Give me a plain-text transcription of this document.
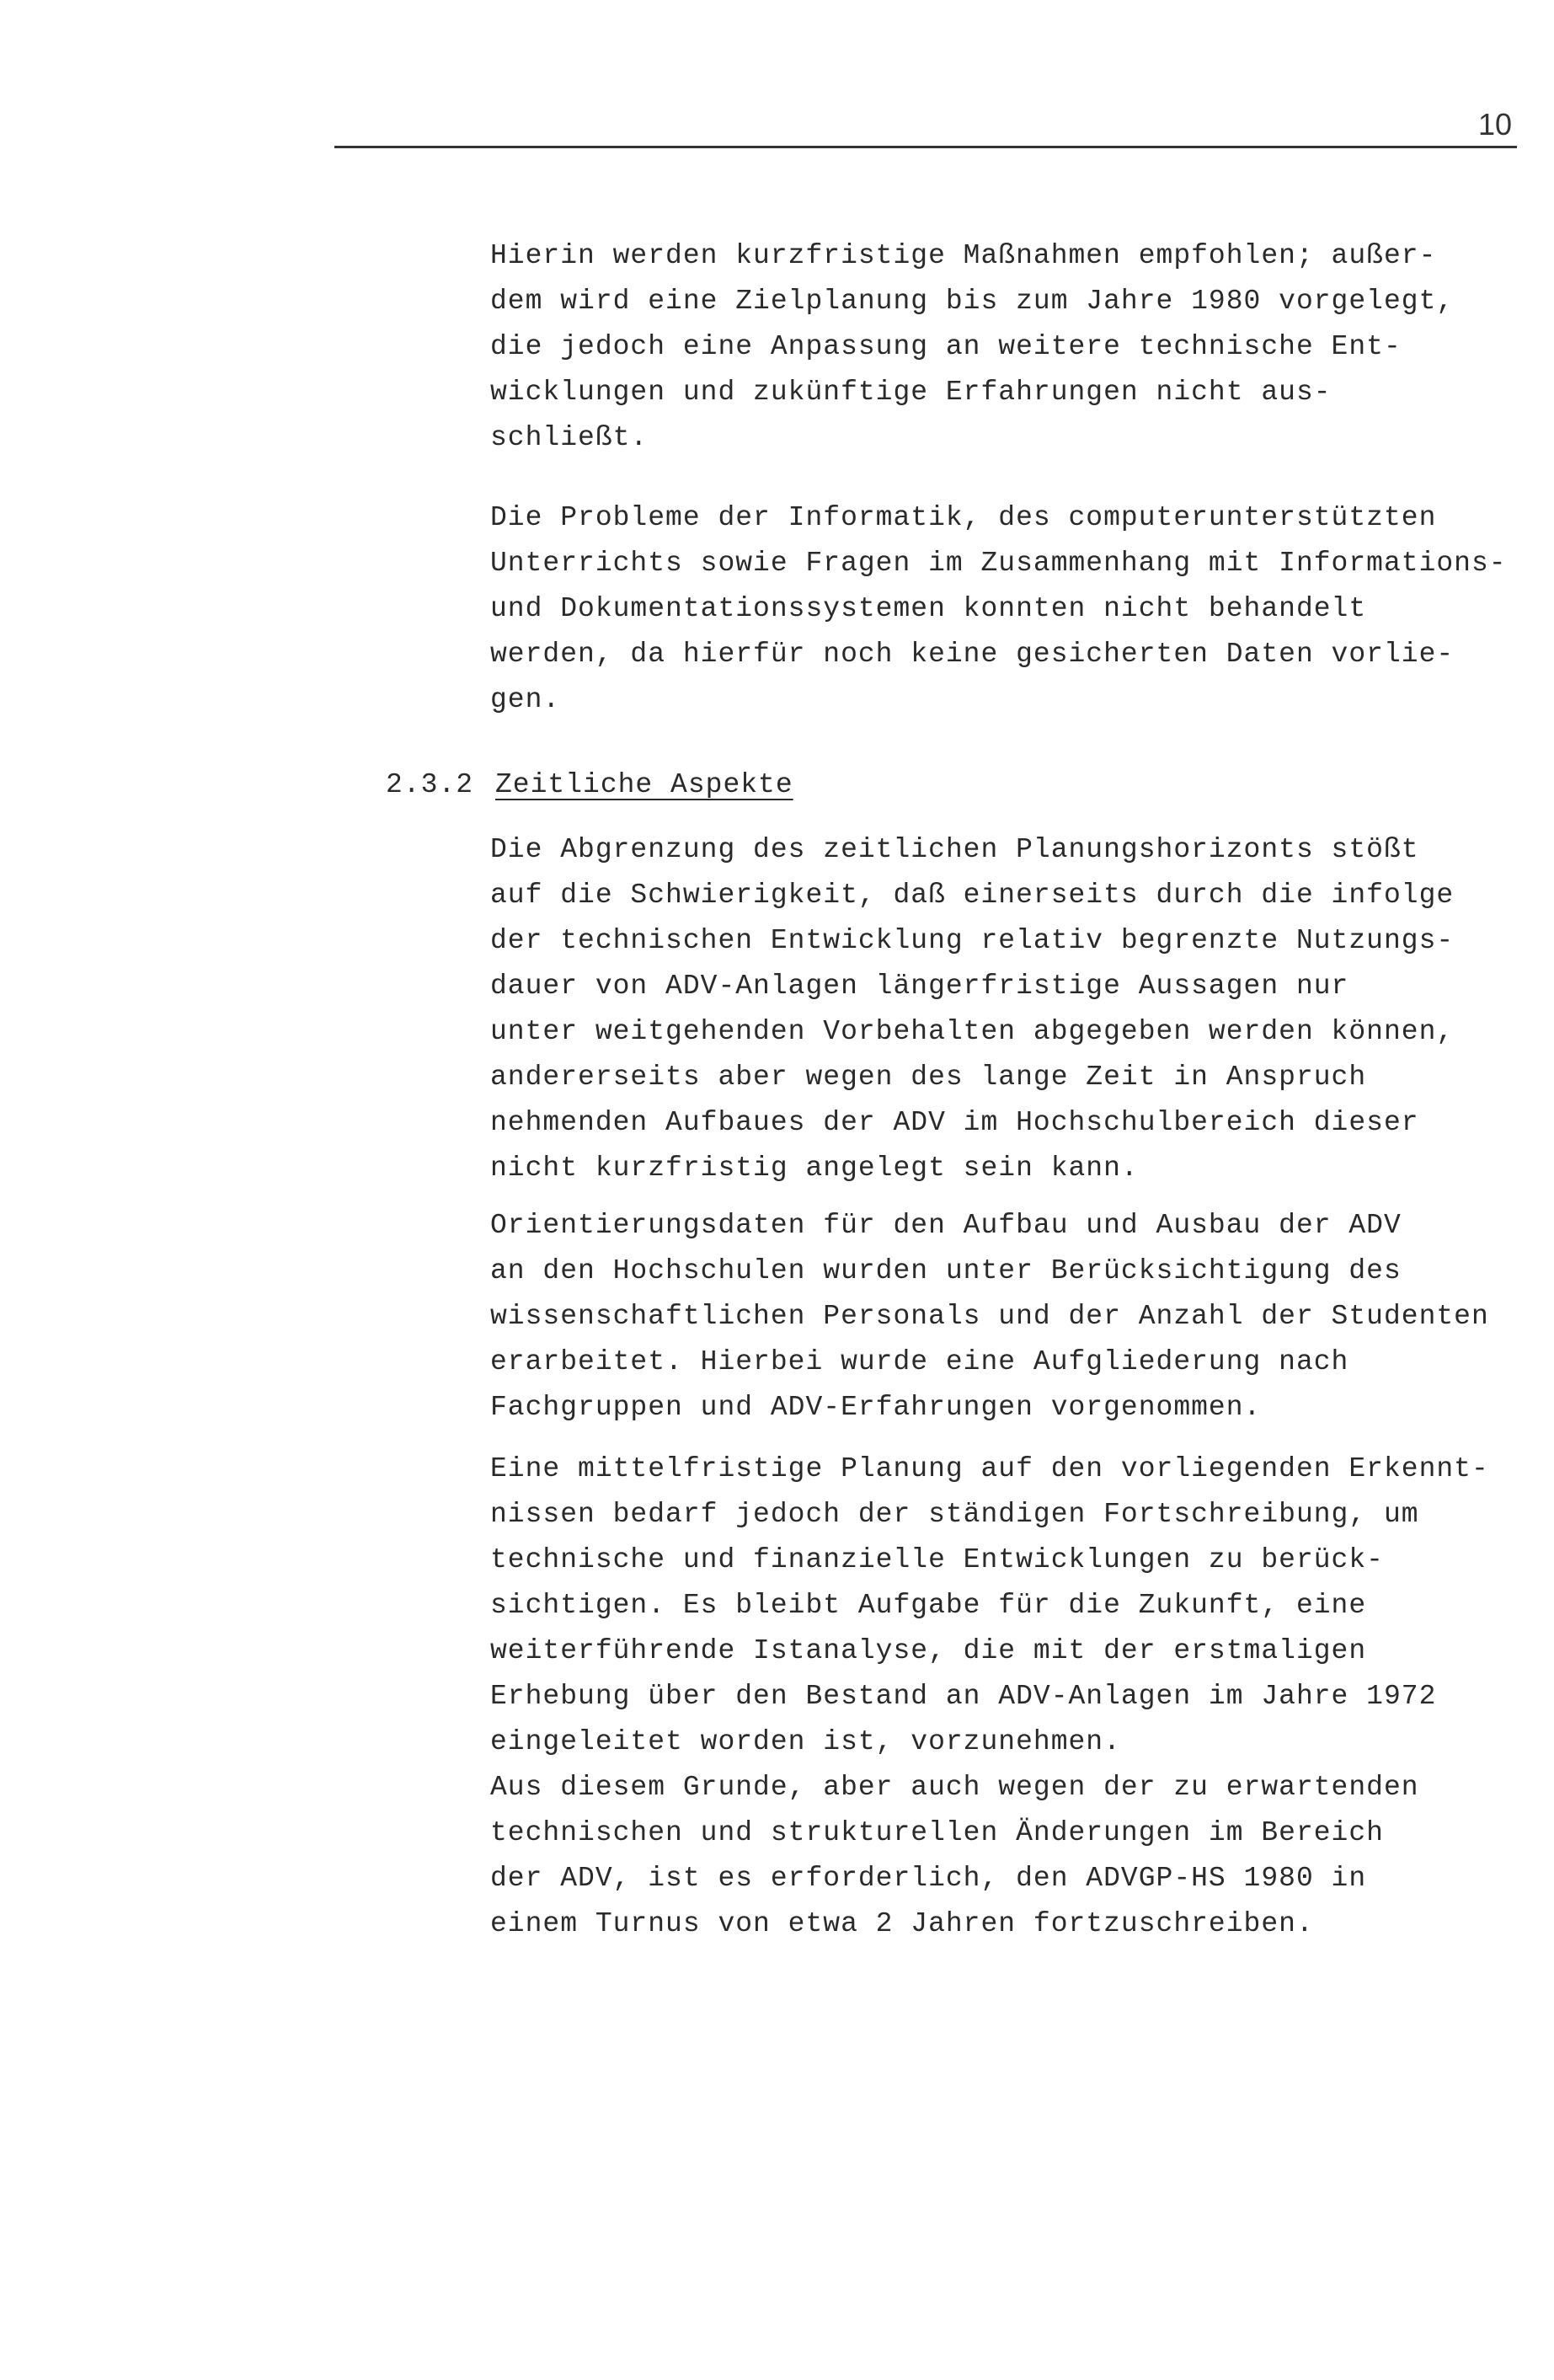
10

Hierin werden kurzfristige Maßnahmen empfohlen; außer-
dem wird eine Zielplanung bis zum Jahre 1980 vorgelegt,
die jedoch eine Anpassung an weitere technische Ent-
wicklungen und zukünftige Erfahrungen nicht aus-
schließt.

Die Probleme der Informatik, des computerunterstützten
Unterrichts sowie Fragen im Zusammenhang mit Informations-
und Dokumentationssystemen konnten nicht behandelt
werden, da hierfür noch keine gesicherten Daten vorlie-
gen.

2.3.2 Zeitliche Aspekte

Die Abgrenzung des zeitlichen Planungshorizonts stößt
auf die Schwierigkeit, daß einerseits durch die infolge
der technischen Entwicklung relativ begrenzte Nutzungs-
dauer von ADV-Anlagen längerfristige Aussagen nur
unter weitgehenden Vorbehalten abgegeben werden können,
andererseits aber wegen des lange Zeit in Anspruch
nehmenden Aufbaues der ADV im Hochschulbereich dieser
nicht kurzfristig angelegt sein kann.

Orientierungsdaten für den Aufbau und Ausbau der ADV
an den Hochschulen wurden unter Berücksichtigung des
wissenschaftlichen Personals und der Anzahl der Studenten
erarbeitet. Hierbei wurde eine Aufgliederung nach
Fachgruppen und ADV-Erfahrungen vorgenommen.

Eine mittelfristige Planung auf den vorliegenden Erkennt-
nissen bedarf jedoch der ständigen Fortschreibung, um
technische und finanzielle Entwicklungen zu berück-
sichtigen. Es bleibt Aufgabe für die Zukunft, eine
weiterführende Istanalyse, die mit der erstmaligen
Erhebung über den Bestand an ADV-Anlagen im Jahre 1972
eingeleitet worden ist, vorzunehmen.
Aus diesem Grunde, aber auch wegen der zu erwartenden
technischen und strukturellen Änderungen im Bereich
der ADV, ist es erforderlich, den ADVGP-HS 1980 in
einem Turnus von etwa 2 Jahren fortzuschreiben.
